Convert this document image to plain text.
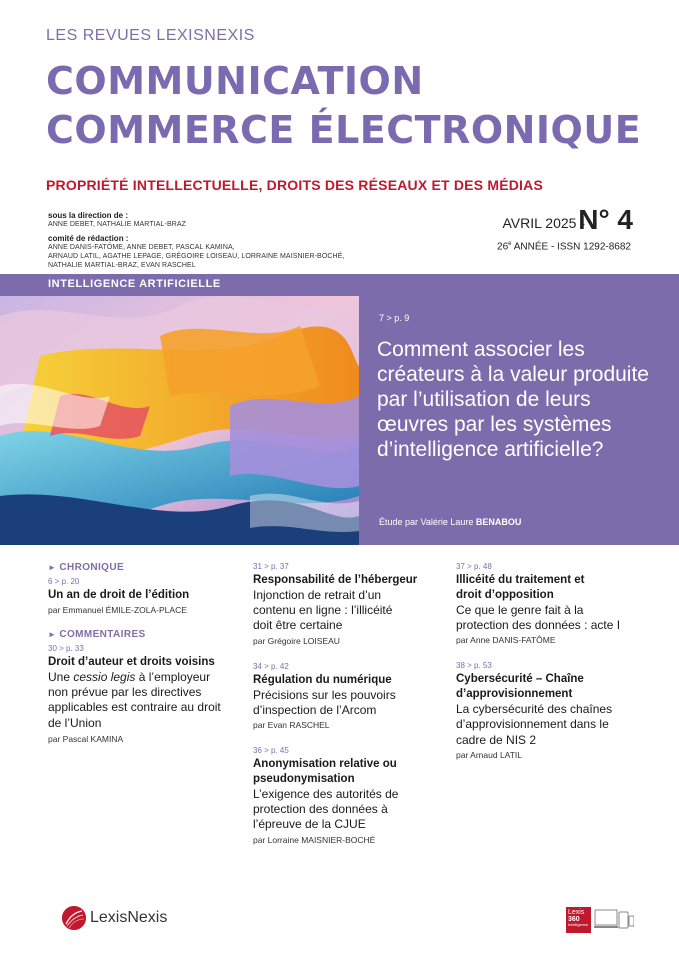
LES REVUES LEXISNEXIS
COMMUNICATION
COMMERCE ÉLECTRONIQUE
PROPRIÉTÉ INTELLECTUELLE, DROITS DES RÉSEAUX ET DES MÉDIAS
sous la direction de :
ANNE DEBET, NATHALIE MARTIAL-BRAZ
comité de rédaction :
ANNE DANIS-FATÔME, ANNE DEBET, PASCAL KAMINA,
ARNAUD LATIL, AGATHE LEPAGE, GRÉGOIRE LOISEAU, LORRAINE MAISNIER-BOCHÉ,
NATHALIE MARTIAL-BRAZ, EVAN RASCHEL
AVRIL 2025 -
N° 4
26e ANNÉE - ISSN 1292-8682
INTELLIGENCE ARTIFICIELLE
7 > p. 9
Comment associer les créateurs à la valeur produite par l’utilisation de leurs œuvres par les systèmes d’intelligence artificielle?
Étude par Valérie Laure BENABOU
► CHRONIQUE
6 > p. 20
Un an de droit de l’édition
par Emmanuel ÉMILE-ZOLA-PLACE
► COMMENTAIRES
30 > p. 33
Droit d’auteur et droits voisins
Une cessio legis à l’employeur non prévue par les directives applicables est contraire au droit de l’Union
par Pascal KAMINA
31 > p. 37
Responsabilité de l’hébergeur
Injonction de retrait d’un contenu en ligne : l’illicéité doit être certaine
par Grégoire LOISEAU
34 > p. 42
Régulation du numérique
Précisions sur les pouvoirs d’inspection de l’Arcom
par Evan RASCHEL
36 > p. 45
Anonymisation relative ou pseudonymisation
L’exigence des autorités de protection des données à l’épreuve de la CJUE
par Lorraine MAISNIER-BOCHÉ
37 > p. 48
Illicéité du traitement et droit d’opposition
Ce que le genre fait à la protection des données : acte I
par Anne DANIS-FATÔME
38 > p. 53
Cybersécurité – Chaîne d’approvisionnement
La cybersécurité des chaînes d’approvisionnement dans le cadre de NIS 2
par Arnaud LATIL
LexisNexis	Lexis
360
Intelligence
